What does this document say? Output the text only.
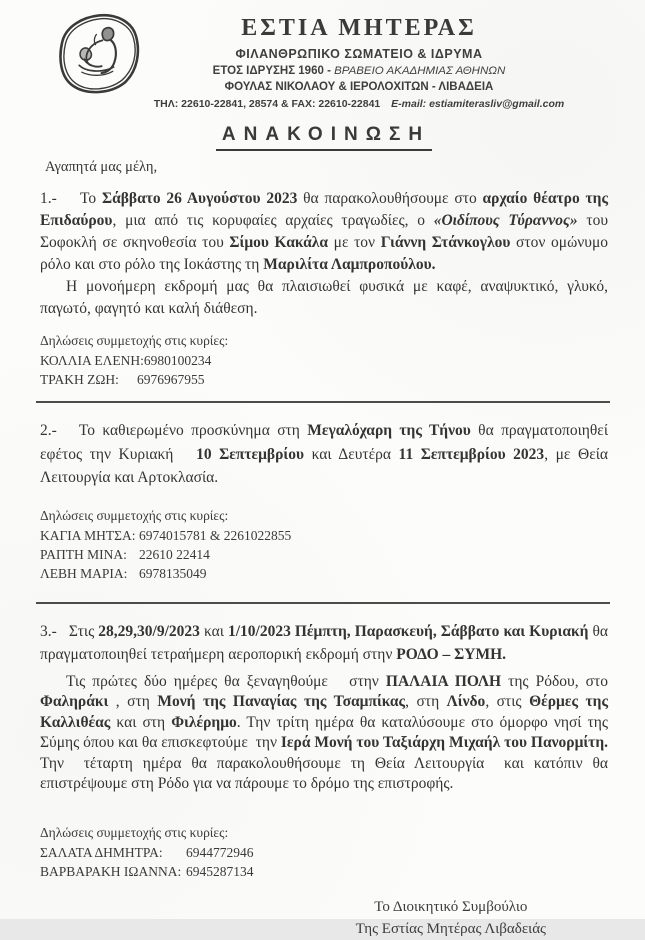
ΕΣΤΙΑ ΜΗΤΕΡΑΣ
ΦΙΛΑΝΘΡΩΠΙΚΟ ΣΩΜΑΤΕΙΟ & ΙΔΡΥΜΑ
ΕΤΟΣ ΙΔΡΥΣΗΣ 1960 - ΒΡΑΒΕΙΟ ΑΚΑΔΗΜΙΑΣ ΑΘΗΝΩΝ
ΦΟΥΛΑΣ ΝΙΚΟΛΑΟΥ & ΙΕΡΟΛΟΧΙΤΩΝ - ΛΙΒΑΔΕΙΑ
ΤΗΛ: 22610-22841, 28574 & FAX: 22610-22841 E-mail: estiamiterasliv@gmail.com
ΑΝΑΚΟΙΝΩΣΗ
Αγαπητά μας μέλη,

1.-    Το Σάββατο 26 Αυγούστου 2023 θα παρακολουθήσουμε στο αρχαίο θέατρο της Επιδαύρου, μια από τις κορυφαίες αρχαίες τραγωδίες, ο «Οιδίπους Τύραννος» του Σοφοκλή σε σκηνοθεσία του Σίμου Κακάλα με τον Γιάννη Στάνκογλου στον ομώνυμο ρόλο και στο ρόλο της Ιοκάστης τη Μαριλίτα Λαμπροπούλου.

Η μονοήμερη εκδρομή μας θα πλαισιωθεί φυσικά με καφέ, αναψυκτικό, γλυκό, παγωτό, φαγητό και καλή διάθεση.

Δηλώσεις συμμετοχής στις κυρίες:
ΚΟΛΛΙΑ ΕΛΕΝΗ: 6980100234
ΤΡΑΚΗ ΖΩΗ:	6976967955

2.-   Το καθιερωμένο προσκύνημα στη Μεγαλόχαρη της Τήνου θα πραγματοποιηθεί εφέτος την Κυριακή   10 Σεπτεμβρίου και Δευτέρα 11 Σεπτεμβρίου 2023, με Θεία Λειτουργία και Αρτοκλασία.

Δηλώσεις συμμετοχής στις κυρίες:
ΚΑΓΙΑ ΜΗΤΣΑ: 6974015781 & 2261022855
ΡΑΠΤΗ ΜΙΝΑ: 22610 22414
ΛΕΒΗ ΜΑΡΙΑ: 6978135049

3.-   Στις 28,29,30/9/2023 και 1/10/2023 Πέμπτη, Παρασκευή, Σάββατο και Κυριακή θα πραγματοποιηθεί τετραήμερη αεροπορική εκδρομή στην ΡΟΔΟ – ΣΥΜΗ.

Τις πρώτες δύο ημέρες θα ξεναγηθούμε   στην ΠΑΛΑΙΑ ΠΟΛΗ της Ρόδου, στο Φαληράκι , στη Μονή της Παναγίας της Τσαμπίκας, στη Λίνδο, στις Θέρμες της Καλλιθέας και στη Φιλέρημο. Την τρίτη ημέρα θα καταλύσουμε στο όμορφο νησί της Σύμης όπου και θα επισκεφτούμε  την Ιερά Μονή του Ταξιάρχη Μιχαήλ του Πανορμίτη. Την  τέταρτη ημέρα θα παρακολουθήσουμε τη Θεία Λειτουργία  και κατόπιν θα επιστρέψουμε στη Ρόδο για να πάρουμε το δρόμο της επιστροφής.

Δηλώσεις συμμετοχής στις κυρίες:
ΣΑΛΑΤΑ ΔΗΜΗΤΡΑ:	6944772946
ΒΑΡΒΑΡΑΚΗ ΙΩΑΝΝΑ: 6945287134
Το Διοικητικό Συμβούλιο
Της Εστίας Μητέρας Λιβαδειάς
